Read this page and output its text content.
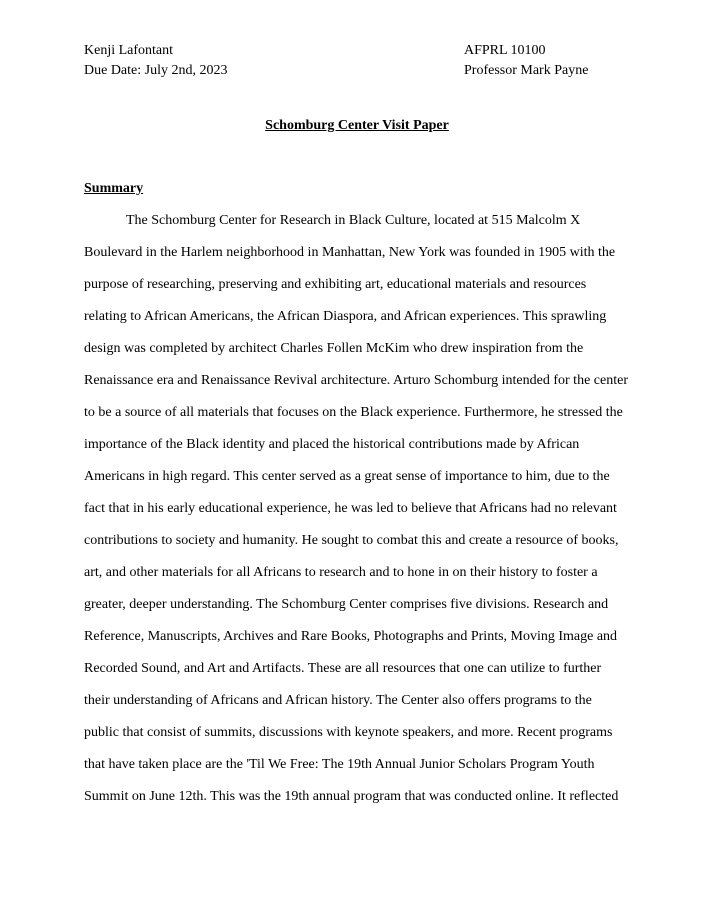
Kenji Lafontant
Due Date: July 2nd, 2023
AFPRL 10100
Professor Mark Payne
Schomburg Center Visit Paper
Summary
The Schomburg Center for Research in Black Culture, located at 515 Malcolm X
Boulevard in the Harlem neighborhood in Manhattan, New York was founded in 1905 with the
purpose of researching, preserving and exhibiting art, educational materials and resources
relating to African Americans, the African Diaspora, and African experiences. This sprawling
design was completed by architect Charles Follen McKim who drew inspiration from the
Renaissance era and Renaissance Revival architecture. Arturo Schomburg intended for the center
to be a source of all materials that focuses on the Black experience. Furthermore, he stressed the
importance of the Black identity and placed the historical contributions made by African
Americans in high regard. This center served as a great sense of importance to him, due to the
fact that in his early educational experience, he was led to believe that Africans had no relevant
contributions to society and humanity. He sought to combat this and create a resource of books,
art, and other materials for all Africans to research and to hone in on their history to foster a
greater, deeper understanding. The Schomburg Center comprises five divisions. Research and
Reference, Manuscripts, Archives and Rare Books, Photographs and Prints, Moving Image and
Recorded Sound, and Art and Artifacts. These are all resources that one can utilize to further
their understanding of Africans and African history. The Center also offers programs to the
public that consist of summits, discussions with keynote speakers, and more. Recent programs
that have taken place are the 'Til We Free: The 19th Annual Junior Scholars Program Youth
Summit on June 12th. This was the 19th annual program that was conducted online. It reflected
